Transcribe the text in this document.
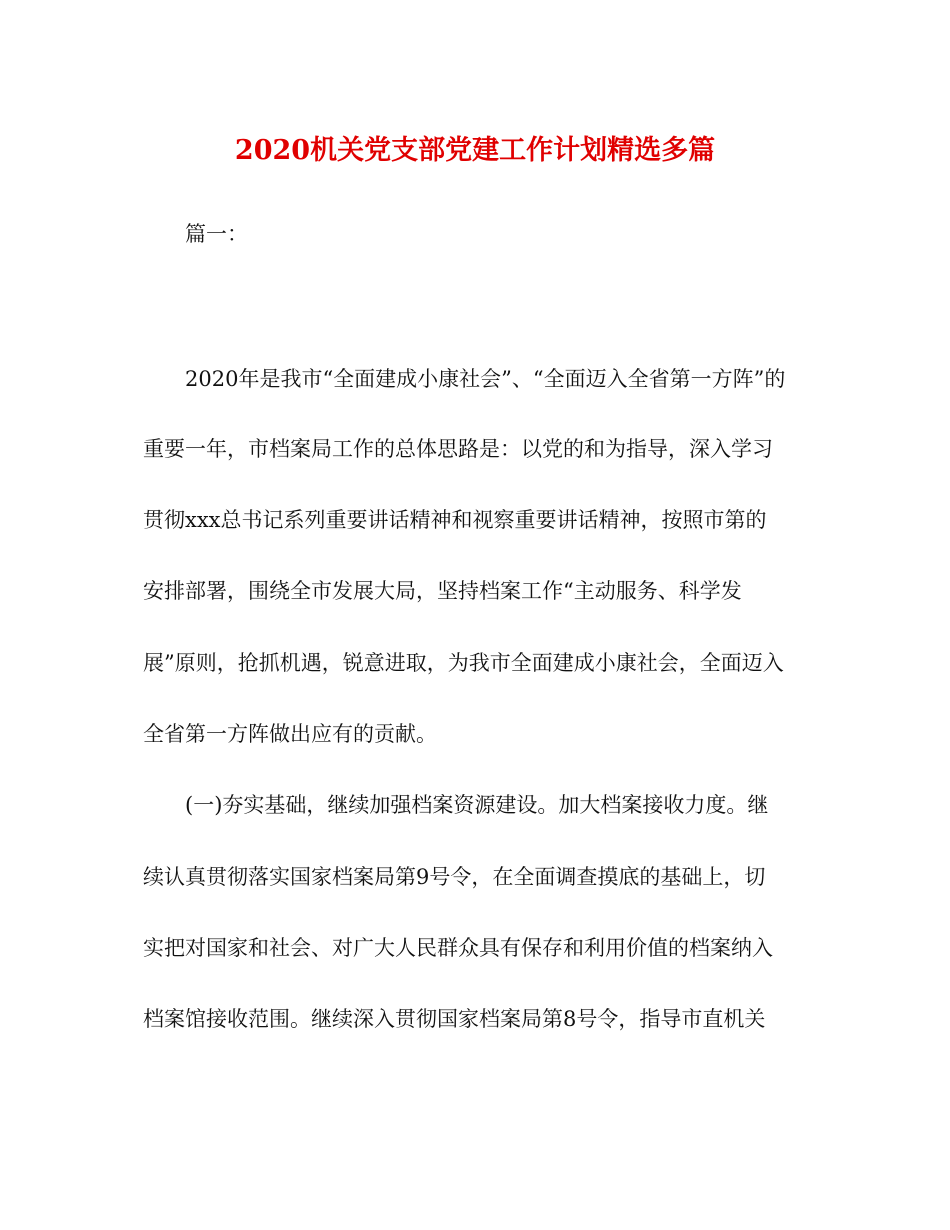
2020机关党支部党建工作计划精选多篇
篇一：
2020年是我市“全面建成小康社会”、“全面迈入全省第一方阵”的
重要一年，市档案局工作的总体思路是：以党的和为指导，深入学习
贯彻xxx总书记系列重要讲话精神和视察重要讲话精神，按照市第的
安排部署，围绕全市发展大局，坚持档案工作“主动服务、科学发
展”原则，抢抓机遇，锐意进取，为我市全面建成小康社会，全面迈入
全省第一方阵做出应有的贡献。
(一)夯实基础，继续加强档案资源建设。加大档案接收力度。继
续认真贯彻落实国家档案局第9号令，在全面调查摸底的基础上，切
实把对国家和社会、对广大人民群众具有保存和利用价值的档案纳入
档案馆接收范围。继续深入贯彻国家档案局第8号令，指导市直机关
